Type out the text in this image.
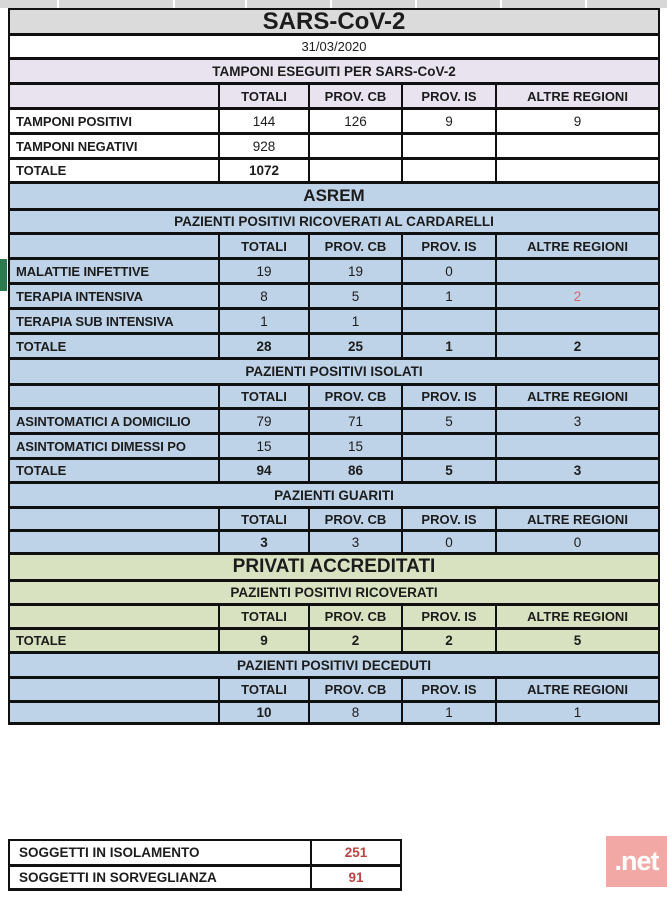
SARS-CoV-2
31/03/2020
TAMPONI ESEGUITI PER SARS-CoV-2
TOTALI	PROV. CB	PROV. IS	ALTRE REGIONI
TAMPONI POSITIVI	144	126	9	9
TAMPONI NEGATIVI	928
TOTALE	1072
ASREM
PAZIENTI POSITIVI RICOVERATI AL CARDARELLI
TOTALI	PROV. CB	PROV. IS	ALTRE REGIONI
MALATTIE INFETTIVE	19	19	0
TERAPIA INTENSIVA	8	5	1	2
TERAPIA SUB INTENSIVA	1	1
TOTALE	28	25	1	2
PAZIENTI POSITIVI ISOLATI
TOTALI	PROV. CB	PROV. IS	ALTRE REGIONI
ASINTOMATICI A DOMICILIO	79	71	5	3
ASINTOMATICI DIMESSI PO	15	15
TOTALE	94	86	5	3
PAZIENTI GUARITI
TOTALI	PROV. CB	PROV. IS	ALTRE REGIONI
3	3	0	0
PRIVATI ACCREDITATI
PAZIENTI POSITIVI RICOVERATI
TOTALI	PROV. CB	PROV. IS	ALTRE REGIONI
TOTALE	9	2	2	5
PAZIENTI POSITIVI DECEDUTI
TOTALI	PROV. CB	PROV. IS	ALTRE REGIONI
10	8	1	1
SOGGETTI IN ISOLAMENTO	251
SOGGETTI IN SORVEGLIANZA	91
.net
